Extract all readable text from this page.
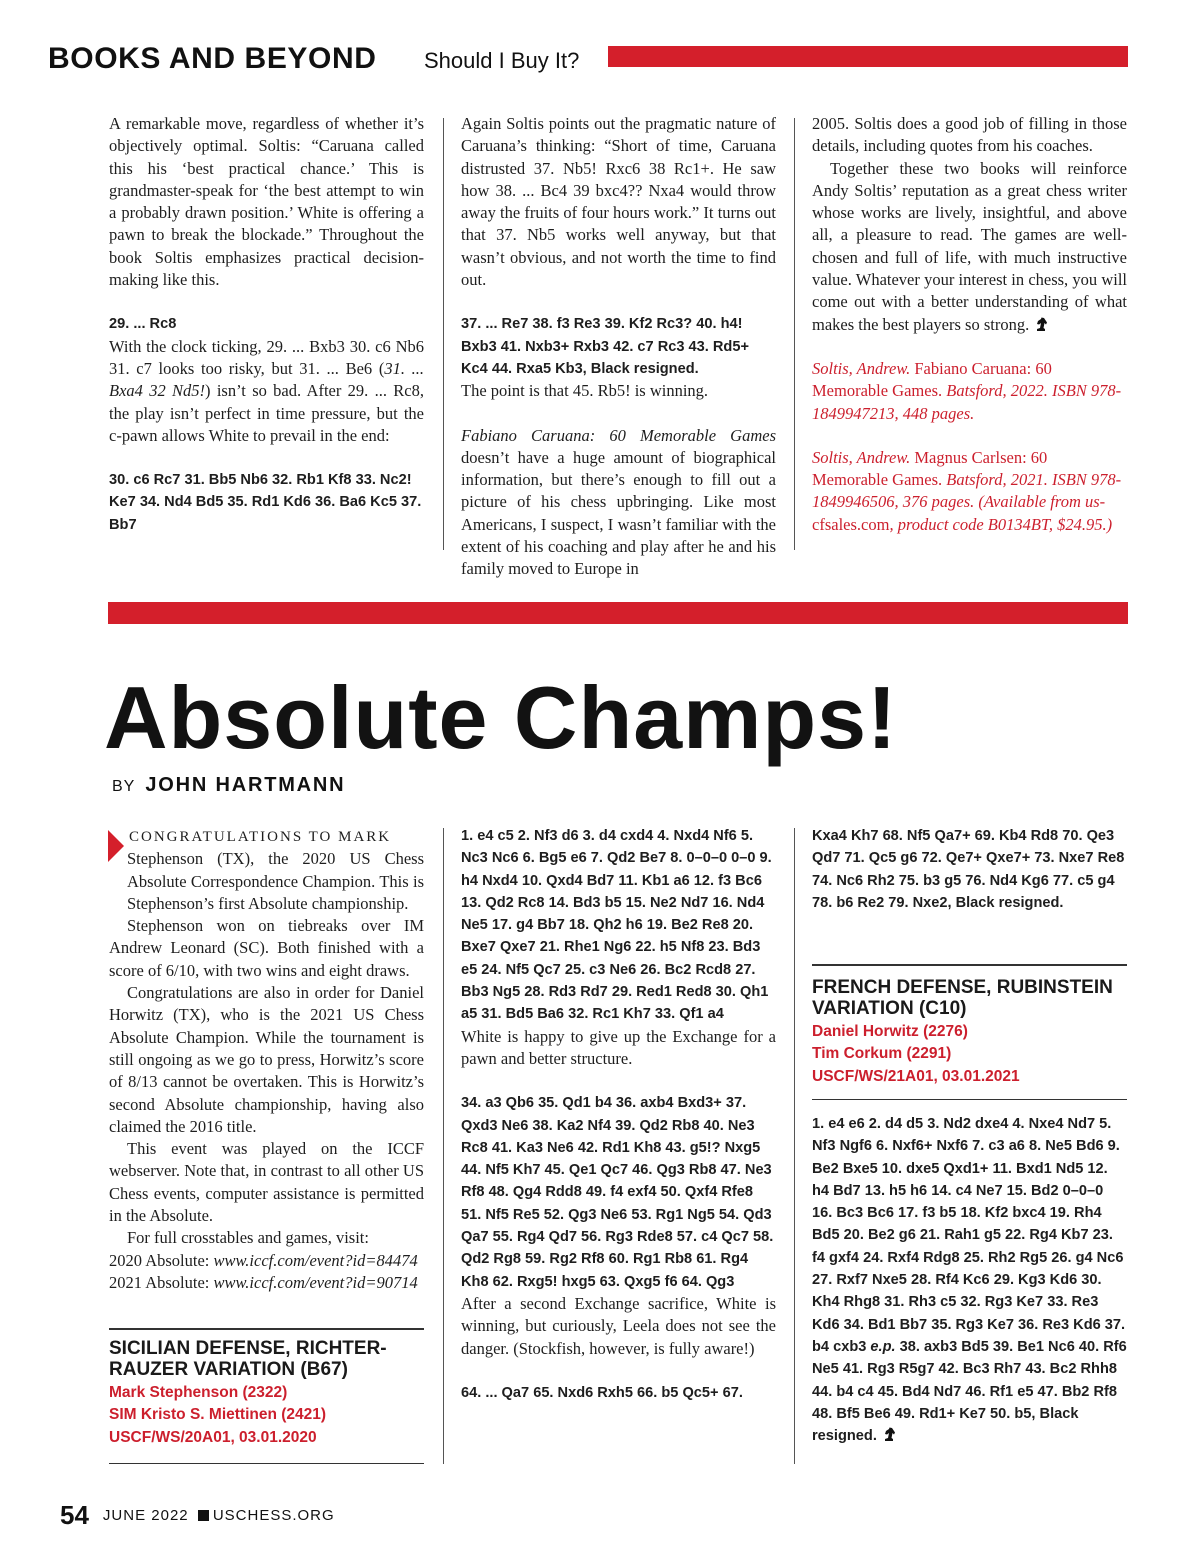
BOOKS AND BEYOND Should I Buy It?

A remarkable move, regardless of whether it’s objectively optimal. Soltis: “Caruana called this his ‘best practical chance.’ This is grandmaster-speak for ‘the best attempt to win a probably drawn position.’ White is offering a pawn to break the blockade.” Throughout the book Soltis emphasizes practical decision-making like this.

29. ... Rc8

With the clock ticking, 29. ... Bxb3 30. c6 Nb6 31. c7 looks too risky, but 31. ... Be6 (31. ... Bxa4 32 Nd5!) isn’t so bad. After 29. ... Rc8, the play isn’t perfect in time pressure, but the c-pawn allows White to prevail in the end:

30. c6 Rc7 31. Bb5 Nb6 32. Rb1 Kf8 33. Nc2! Ke7 34. Nd4 Bd5 35. Rd1 Kd6 36. Ba6 Kc5 37. Bb7

Again Soltis points out the pragmatic nature of Caruana’s thinking: “Short of time, Caruana distrusted 37. Nb5! Rxc6 38 Rc1+. He saw how 38. ... Bc4 39 bxc4?? Nxa4 would throw away the fruits of four hours work.” It turns out that 37. Nb5 works well anyway, but that wasn’t obvious, and not worth the time to find out.

37. ... Re7 38. f3 Re3 39. Kf2 Rc3? 40. h4! Bxb3 41. Nxb3+ Rxb3 42. c7 Rc3 43. Rd5+ Kc4 44. Rxa5 Kb3, Black resigned.

The point is that 45. Rb5! is winning.

Fabiano Caruana: 60 Memorable Games doesn’t have a huge amount of biographical information, but there’s enough to fill out a picture of his chess upbringing. Like most Americans, I suspect, I wasn’t familiar with the extent of his coaching and play after he and his family moved to Europe in

2005. Soltis does a good job of filling in those details, including quotes from his coaches.

Together these two books will reinforce Andy Soltis’ reputation as a great chess writer whose works are lively, insightful, and above all, a pleasure to read. The games are well-chosen and full of life, with much instructive value. Whatever your interest in chess, you will come out with a better understanding of what makes the best players so strong.

Soltis, Andrew. Fabiano Caruana: 60 Memorable Games. Batsford, 2022. ISBN 978-1849947213, 448 pages.

Soltis, Andrew. Magnus Carlsen: 60 Memorable Games. Batsford, 2021. ISBN 978-1849946506, 376 pages. (Available from us-cfsales.com, product code B0134BT, $24.95.)

Absolute Champs!
BY JOHN HARTMANN

CONGRATULATIONS TO MARK

Stephenson (TX), the 2020 US Chess Absolute Correspondence Champion. This is Stephenson’s first Absolute championship.

Stephenson won on tiebreaks over IM Andrew Leonard (SC). Both finished with a score of 6/10, with two wins and eight draws.

Congratulations are also in order for Daniel Horwitz (TX), who is the 2021 US Chess Absolute Champion. While the tournament is still ongoing as we go to press, Horwitz’s score of 8/13 cannot be overtaken. This is Horwitz’s second Absolute championship, having also claimed the 2016 title.

This event was played on the ICCF webserver. Note that, in contrast to all other US Chess events, computer assistance is permitted in the Absolute.

For full crosstables and games, visit:

2020 Absolute: www.iccf.com/event?id=84474

2021 Absolute: www.iccf.com/event?id=90714

SICILIAN DEFENSE, RICHTER-RAUZER VARIATION (B67)

Mark Stephenson (2322)

SIM Kristo S. Miettinen (2421)

USCF/WS/20A01, 03.01.2020

1. e4 c5 2. Nf3 d6 3. d4 cxd4 4. Nxd4 Nf6 5. Nc3 Nc6 6. Bg5 e6 7. Qd2 Be7 8. 0–0–0 0–0 9. h4 Nxd4 10. Qxd4 Bd7 11. Kb1 a6 12. f3 Bc6 13. Qd2 Rc8 14. Bd3 b5 15. Ne2 Nd7 16. Nd4 Ne5 17. g4 Bb7 18. Qh2 h6 19. Be2 Re8 20. Bxe7 Qxe7 21. Rhe1 Ng6 22. h5 Nf8 23. Bd3 e5 24. Nf5 Qc7 25. c3 Ne6 26. Bc2 Rcd8 27. Bb3 Ng5 28. Rd3 Rd7 29. Red1 Red8 30. Qh1 a5 31. Bd5 Ba6 32. Rc1 Kh7 33. Qf1 a4

White is happy to give up the Exchange for a pawn and better structure.

34. a3 Qb6 35. Qd1 b4 36. axb4 Bxd3+ 37. Qxd3 Ne6 38. Ka2 Nf4 39. Qd2 Rb8 40. Ne3 Rc8 41. Ka3 Ne6 42. Rd1 Kh8 43. g5!? Nxg5 44. Nf5 Kh7 45. Qe1 Qc7 46. Qg3 Rb8 47. Ne3 Rf8 48. Qg4 Rdd8 49. f4 exf4 50. Qxf4 Rfe8 51. Nf5 Re5 52. Qg3 Ne6 53. Rg1 Ng5 54. Qd3 Qa7 55. Rg4 Qd7 56. Rg3 Rde8 57. c4 Qc7 58. Qd2 Rg8 59. Rg2 Rf8 60. Rg1 Rb8 61. Rg4 Kh8 62. Rxg5! hxg5 63. Qxg5 f6 64. Qg3

After a second Exchange sacrifice, White is winning, but curiously, Leela does not see the danger. (Stockfish, however, is fully aware!)

64. ... Qa7 65. Nxd6 Rxh5 66. b5 Qc5+ 67.

Kxa4 Kh7 68. Nf5 Qa7+ 69. Kb4 Rd8 70. Qe3 Qd7 71. Qc5 g6 72. Qe7+ Qxe7+ 73. Nxe7 Re8 74. Nc6 Rh2 75. b3 g5 76. Nd4 Kg6 77. c5 g4 78. b6 Re2 79. Nxe2, Black resigned.

FRENCH DEFENSE, RUBINSTEIN VARIATION (C10)

Daniel Horwitz (2276)

Tim Corkum (2291)

USCF/WS/21A01, 03.01.2021

1. e4 e6 2. d4 d5 3. Nd2 dxe4 4. Nxe4 Nd7 5. Nf3 Ngf6 6. Nxf6+ Nxf6 7. c3 a6 8. Ne5 Bd6 9. Be2 Bxe5 10. dxe5 Qxd1+ 11. Bxd1 Nd5 12. h4 Bd7 13. h5 h6 14. c4 Ne7 15. Bd2 0–0–0 16. Bc3 Bc6 17. f3 b5 18. Kf2 bxc4 19. Rh4 Bd5 20. Be2 g6 21. Rah1 g5 22. Rg4 Kb7 23. f4 gxf4 24. Rxf4 Rdg8 25. Rh2 Rg5 26. g4 Nc6 27. Rxf7 Nxe5 28. Rf4 Kc6 29. Kg3 Kd6 30. Kh4 Rhg8 31. Rh3 c5 32. Rg3 Ke7 33. Re3 Kd6 34. Bd1 Bb7 35. Rg3 Ke7 36. Re3 Kd6 37. b4 cxb3 e.p. 38. axb3 Bd5 39. Be1 Nc6 40. Rf6 Ne5 41. Rg3 R5g7 42. Bc3 Rh7 43. Bc2 Rhh8 44. b4 c4 45. Bd4 Nd7 46. Rf1 e5 47. Bb2 Rf8 48. Bf5 Be6 49. Rd1+ Ke7 50. b5, Black resigned.

54 JUNE 2022 USCHESS.ORG
